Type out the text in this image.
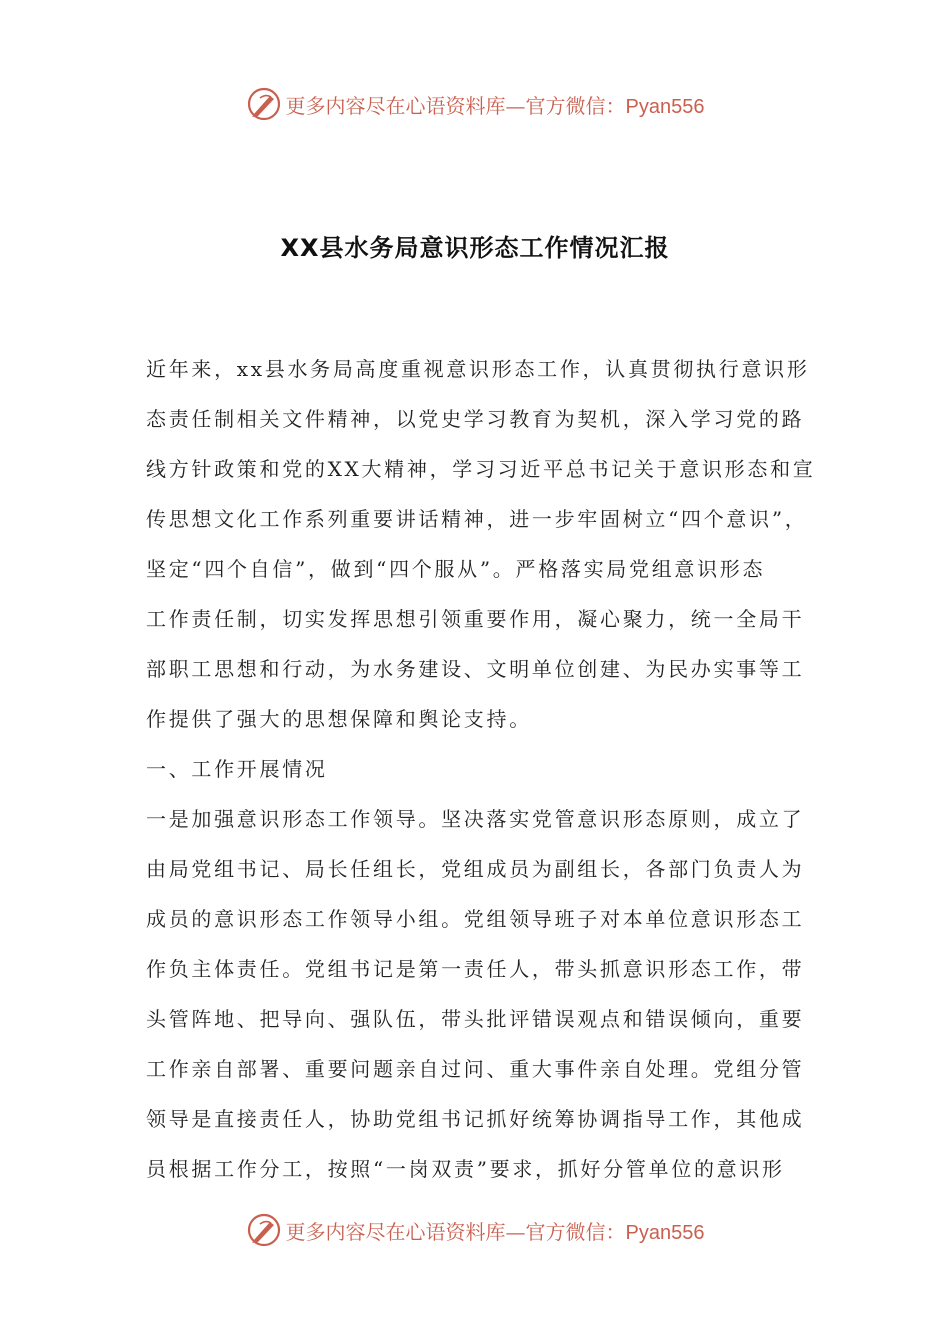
更多内容尽在心语资料库—官方微信：Pyan556
XX县水务局意识形态工作情况汇报
近年来，xx县水务局高度重视意识形态工作，认真贯彻执行意识形
态责任制相关文件精神，以党史学习教育为契机，深入学习党的路
线方针政策和党的XX大精神，学习习近平总书记关于意识形态和宣
传思想文化工作系列重要讲话精神，进一步牢固树立“四个意识”，
坚定“四个自信”，做到“四个服从”。严格落实局党组意识形态
工作责任制，切实发挥思想引领重要作用，凝心聚力，统一全局干
部职工思想和行动，为水务建设、文明单位创建、为民办实事等工
作提供了强大的思想保障和舆论支持。
一、工作开展情况
一是加强意识形态工作领导。坚决落实党管意识形态原则，成立了
由局党组书记、局长任组长，党组成员为副组长，各部门负责人为
成员的意识形态工作领导小组。党组领导班子对本单位意识形态工
作负主体责任。党组书记是第一责任人，带头抓意识形态工作，带
头管阵地、把导向、强队伍，带头批评错误观点和错误倾向，重要
工作亲自部署、重要问题亲自过问、重大事件亲自处理。党组分管
领导是直接责任人，协助党组书记抓好统筹协调指导工作，其他成
员根据工作分工，按照“一岗双责”要求，抓好分管单位的意识形
更多内容尽在心语资料库—官方微信：Pyan556
